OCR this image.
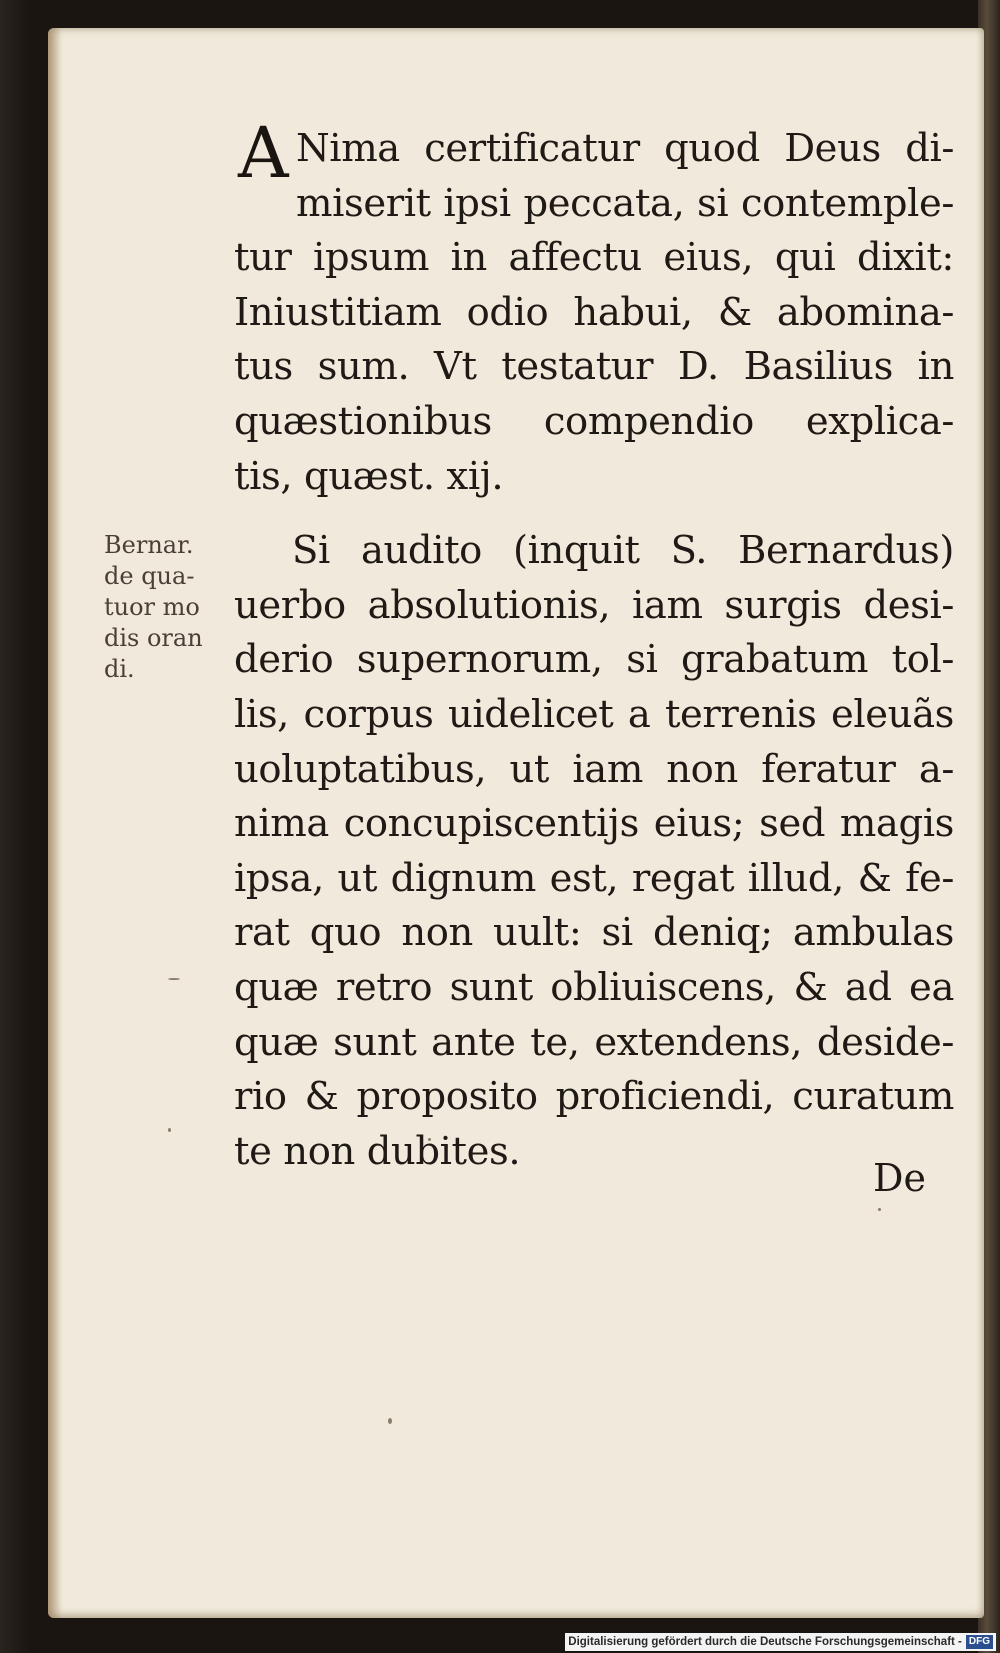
Bernar.
de qua-
tuor mo
dis oran
di.
A Nima certificatur quod Deus di-
miserit ipsi peccata, si contemple-
tur ipsum in affectu eius, qui dixit:
Iniustitiam odio habui, & abomina-
tus sum. Vt testatur D. Basilius in
quæstionibus compendio explica-
tis, quæst. xij.
Si audito (inquit S. Bernardus)
uerbo absolutionis, iam surgis desi-
derio supernorum, si grabatum tol-
lis, corpus uidelicet a terrenis eleuãs
uoluptatibus, ut iam non feratur a-
nima concupiscentijs eius; sed magis
ipsa, ut dignum est, regat illud, & fe-
rat quo non uult: si deniq; ambulas
quæ retro sunt obliuiscens, & ad ea
quæ sunt ante te, extendens, deside-
rio & proposito proficiendi, curatum
te non dubites.
De
Digitalisierung gefördert durch die Deutsche Forschungsgemeinschaft - DFG
